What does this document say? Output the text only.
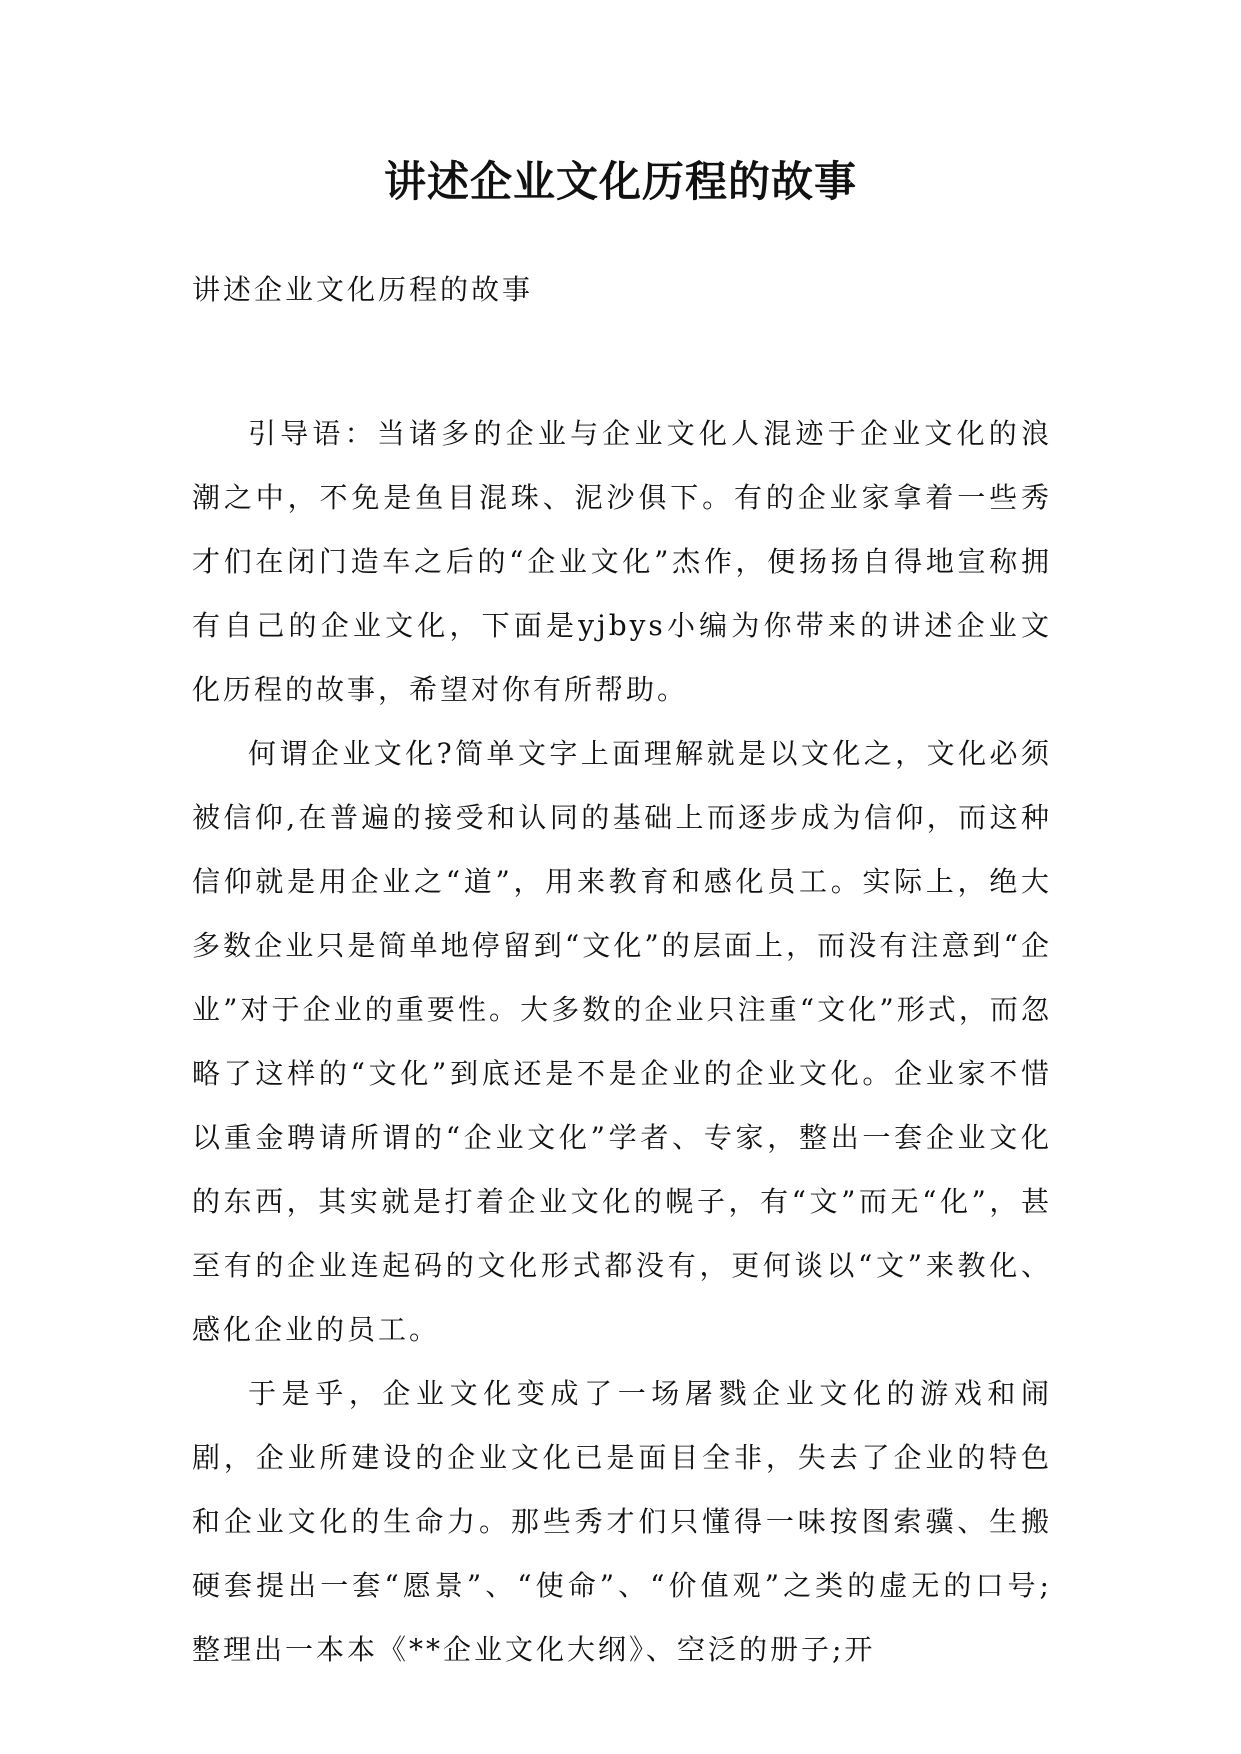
讲述企业文化历程的故事
讲述企业文化历程的故事

引导语：当诸多的企业与企业文化人混迹于企业文化的浪潮之中，不免是鱼目混珠、泥沙俱下。有的企业家拿着一些秀才们在闭门造车之后的“企业文化”杰作，便扬扬自得地宣称拥有自己的企业文化，下面是yjbys小编为你带来的讲述企业文化历程的故事，希望对你有所帮助。

何谓企业文化?简单文字上面理解就是以文化之，文化必须被信仰,在普遍的接受和认同的基础上而逐步成为信仰，而这种信仰就是用企业之“道”，用来教育和感化员工。实际上，绝大多数企业只是简单地停留到“文化”的层面上，而没有注意到“企业”对于企业的重要性。大多数的企业只注重“文化”形式，而忽略了这样的“文化”到底还是不是企业的企业文化。企业家不惜以重金聘请所谓的“企业文化”学者、专家，整出一套企业文化的东西，其实就是打着企业文化的幌子，有“文”而无“化”，甚至有的企业连起码的文化形式都没有，更何谈以“文”来教化、感化企业的员工。

于是乎，企业文化变成了一场屠戮企业文化的游戏和闹剧，企业所建设的企业文化已是面目全非，失去了企业的特色和企业文化的生命力。那些秀才们只懂得一味按图索骥、生搬硬套提出一套“愿景”、“使命”、“价值观”之类的虚无的口号;整理出一本本《**企业文化大纲》、空泛的册子;开
